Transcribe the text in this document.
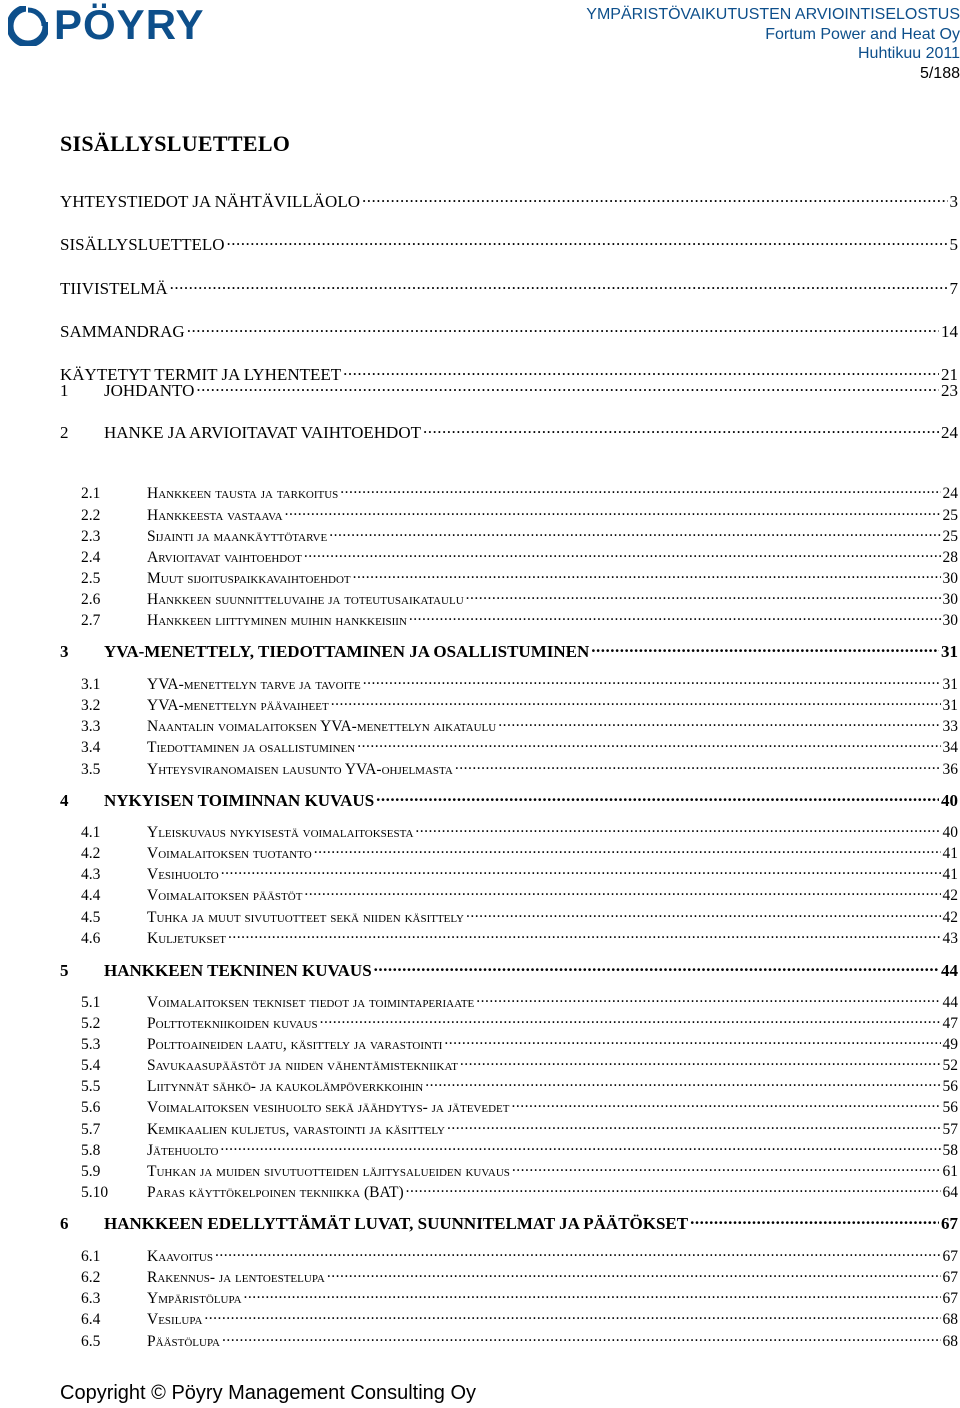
PÖYRY	YMPÄRISTÖVAIKUTUSTEN ARVIOINTISELOSTUS
Fortum Power and Heat Oy
Huhtikuu 2011
5/188
SISÄLLYSLUETTELO
YHTEYSTIEDOT JA NÄHTÄVILLÄOLO .....	3
SISÄLLYSLUETTELO .....	5
TIIVISTELMÄ .....	7
SAMMANDRAG .....	14
KÄYTETYT TERMIT JA LYHENTEET .....	21
1	JOHDANTO .....	23
2	HANKE JA ARVIOITAVAT VAIHTOEHDOT .....	24
2.1	Hankkeen tausta ja tarkoitus .....	24
2.2	Hankkeesta vastaava .....	25
2.3	Sijainti ja maankäyttötarve .....	25
2.4	Arvioitavat vaihtoehdot .....	28
2.5	Muut sijoituspaikkavaihtoehdot .....	30
2.6	Hankkeen suunnitteluvaihe ja toteutusaikataulu .....	30
2.7	Hankkeen liittyminen muihin hankkeisiin .....	30
3	YVA-MENETTELY, TIEDOTTAMINEN JA OSALLISTUMINEN .....	31
3.1	YVA-menettelyn tarve ja tavoite .....	31
3.2	YVA-menettelyn päävaiheet .....	31
3.3	Naantalin voimalaitoksen YVA-menettelyn aikataulu .....	33
3.4	Tiedottaminen ja osallistuminen .....	34
3.5	Yhteysviranomaisen lausunto YVA-ohjelmasta .....	36
4	NYKYISEN TOIMINNAN KUVAUS .....	40
4.1	Yleiskuvaus nykyisestä voimalaitoksesta .....	40
4.2	Voimalaitoksen tuotanto .....	41
4.3	Vesihuolto .....	41
4.4	Voimalaitoksen päästöt .....	42
4.5	Tuhka ja muut sivutuotteet sekä niiden käsittely .....	42
4.6	Kuljetukset .....	43
5	HANKKEEN TEKNINEN KUVAUS .....	44
5.1	Voimalaitoksen tekniset tiedot ja toimintaperiaate .....	44
5.2	Polttotekniikoiden kuvaus .....	47
5.3	Polttoaineiden laatu, käsittely ja varastointi .....	49
5.4	Savukaasupäästöt ja niiden vähentämistekniikat .....	52
5.5	Liitynnät sähkö- ja kaukolämpöverkkoihin .....	56
5.6	Voimalaitoksen vesihuolto sekä jäähdytys- ja jätevedet .....	56
5.7	Kemikaalien kuljetus, varastointi ja käsittely .....	57
5.8	Jätehuolto .....	58
5.9	Tuhkan ja muiden sivutuotteiden läjitysalueiden kuvaus .....	61
5.10	Paras käyttökelpoinen tekniikka (BAT) .....	64
6	HANKKEEN EDELLYTTÄMÄT LUVAT, SUUNNITELMAT JA PÄÄTÖKSET .....	67
6.1	Kaavoitus .....	67
6.2	Rakennus- ja lentoestelupa .....	67
6.3	Ympäristölupa .....	67
6.4	Vesilupa .....	68
6.5	Päästölupa .....	68
Copyright © Pöyry Management Consulting Oy
